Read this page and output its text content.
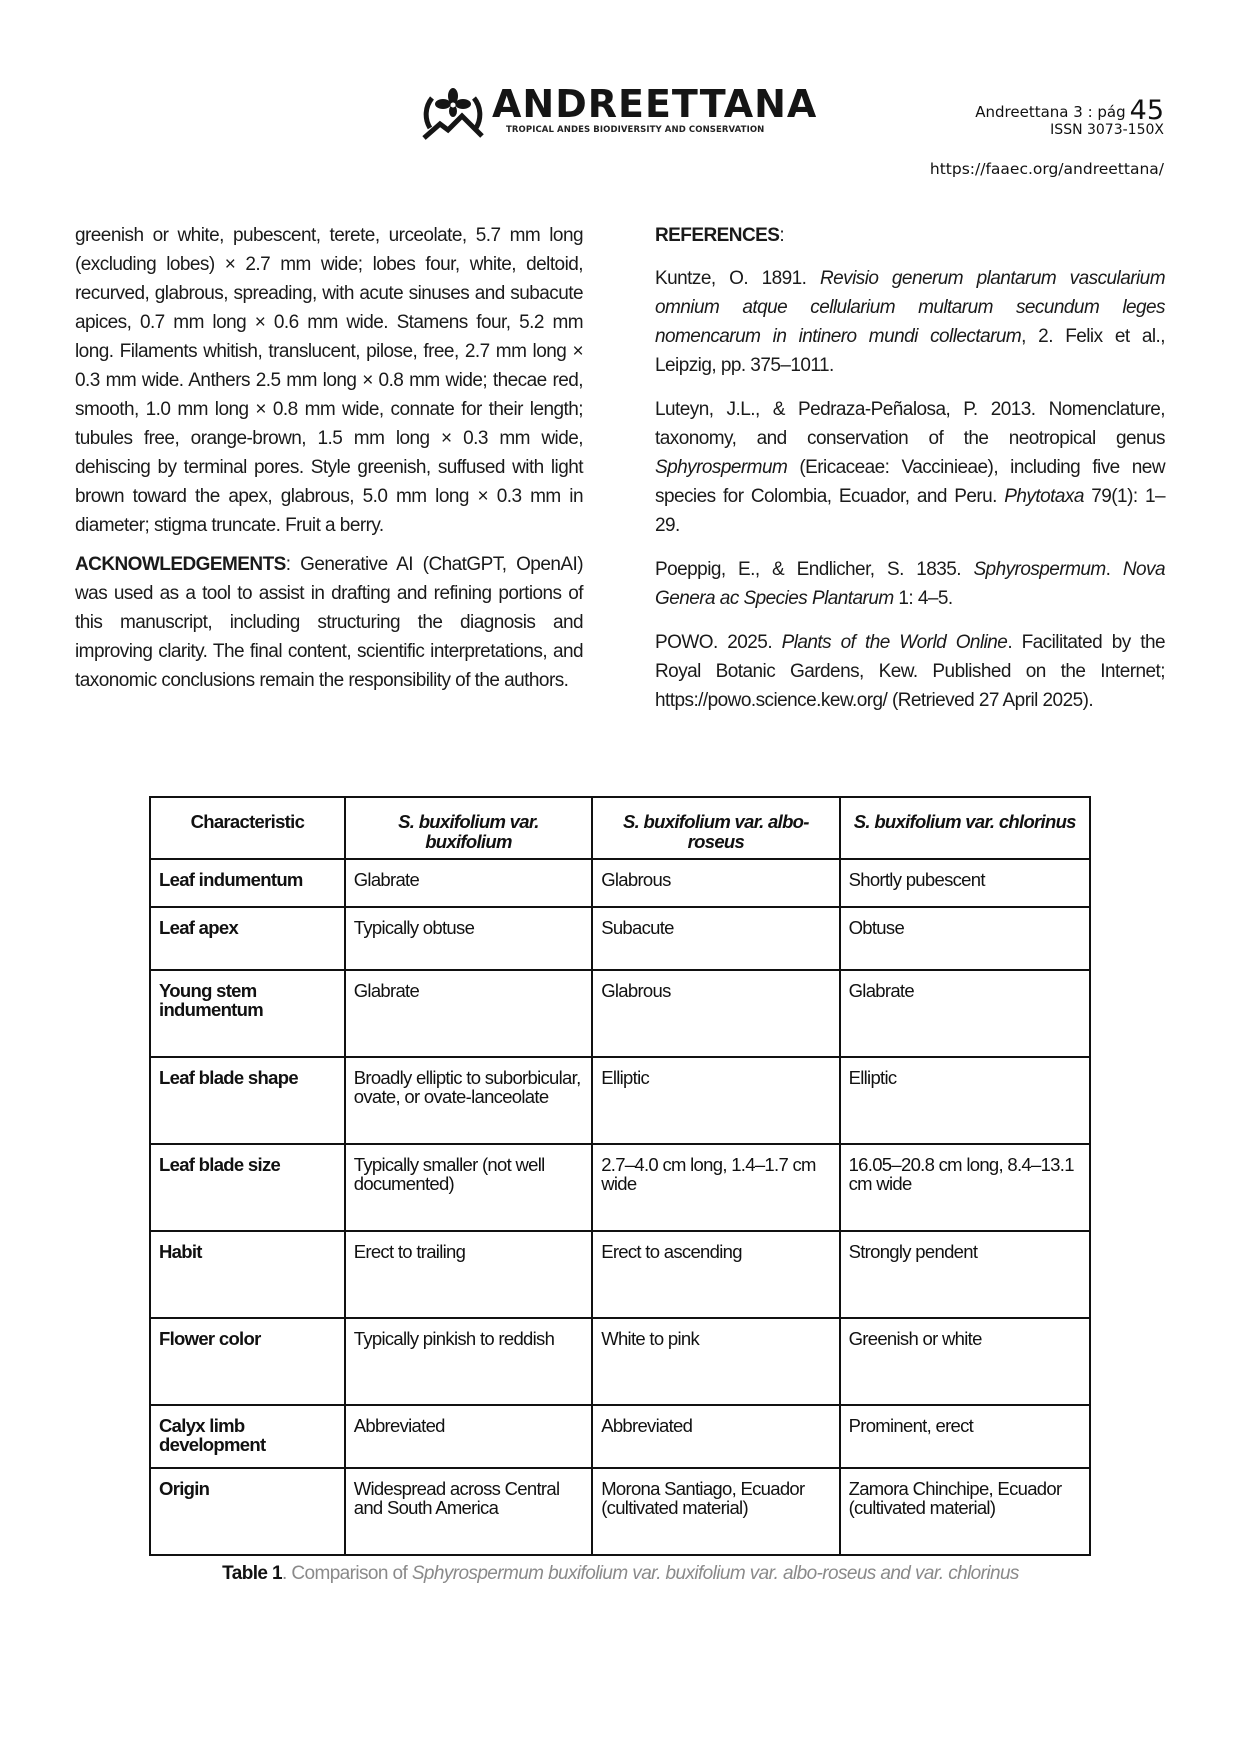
ANDREETTANA
TROPICAL ANDES BIODIVERSITY AND CONSERVATION
Andreettana 3 : pág 45
ISSN 3073-150X
https://faaec.org/andreettana/

greenish or white, pubescent, terete, urceolate, 5.7 mm long (excluding lobes) × 2.7 mm wide; lobes four, white, deltoid, recurved, glabrous, spreading, with acute sinuses and subacute apices, 0.7 mm long × 0.6 mm wide. Stamens four, 5.2 mm long. Filaments whitish, translucent, pilose, free, 2.7 mm long × 0.3 mm wide. Anthers 2.5 mm long × 0.8 mm wide; thecae red, smooth, 1.0 mm long × 0.8 mm wide, connate for their length; tubules free, orange-brown, 1.5 mm long × 0.3 mm wide, dehiscing by terminal pores. Style greenish, suffused with light brown toward the apex, glabrous, 5.0 mm long × 0.3 mm in diameter; stigma truncate. Fruit a berry.

ACKNOWLEDGEMENTS: Generative AI (ChatGPT, OpenAI) was used as a tool to assist in drafting and refining portions of this manuscript, including structuring the diagnosis and improving clarity. The final content, scientific interpretations, and taxonomic conclusions remain the responsibility of the authors.

REFERENCES:

Kuntze, O. 1891. Revisio generum plantarum vascularium omnium atque cellularium multarum secundum leges nomencarum in intinero mundi collectarum, 2. Felix et al., Leipzig, pp. 375–1011.

Luteyn, J.L., & Pedraza-Peñalosa, P. 2013. Nomenclature, taxonomy, and conservation of the neotropical genus Sphyrospermum (Ericaceae: Vaccinieae), including five new species for Colombia, Ecuador, and Peru. Phytotaxa 79(1): 1–29.

Poeppig, E., & Endlicher, S. 1835. Sphyrospermum. Nova Genera ac Species Plantarum 1: 4–5.

POWO. 2025. Plants of the World Online. Facilitated by the Royal Botanic Gardens, Kew. Published on the Internet; https://powo.science.kew.org/ (Retrieved 27 April 2025).

Characteristic	S. buxifolium var. buxifolium	S. buxifolium var. albo-roseus	S. buxifolium var. chlorinus
Leaf indumentum	Glabrate	Glabrous	Shortly pubescent
Leaf apex	Typically obtuse	Subacute	Obtuse
Young stem indumentum	Glabrate	Glabrous	Glabrate
Leaf blade shape	Broadly elliptic to suborbicular, ovate, or ovate-lanceolate	Elliptic	Elliptic
Leaf blade size	Typically smaller (not well documented)	2.7–4.0 cm long, 1.4–1.7 cm wide	16.05–20.8 cm long, 8.4–13.1 cm wide
Habit	Erect to trailing	Erect to ascending	Strongly pendent
Flower color	Typically pinkish to reddish	White to pink	Greenish or white
Calyx limb development	Abbreviated	Abbreviated	Prominent, erect
Origin	Widespread across Central and South America	Morona Santiago, Ecuador (cultivated material)	Zamora Chinchipe, Ecuador (cultivated material)
Table 1. Comparison of Sphyrospermum buxifolium var. buxifolium var. albo-roseus and var. chlorinus
